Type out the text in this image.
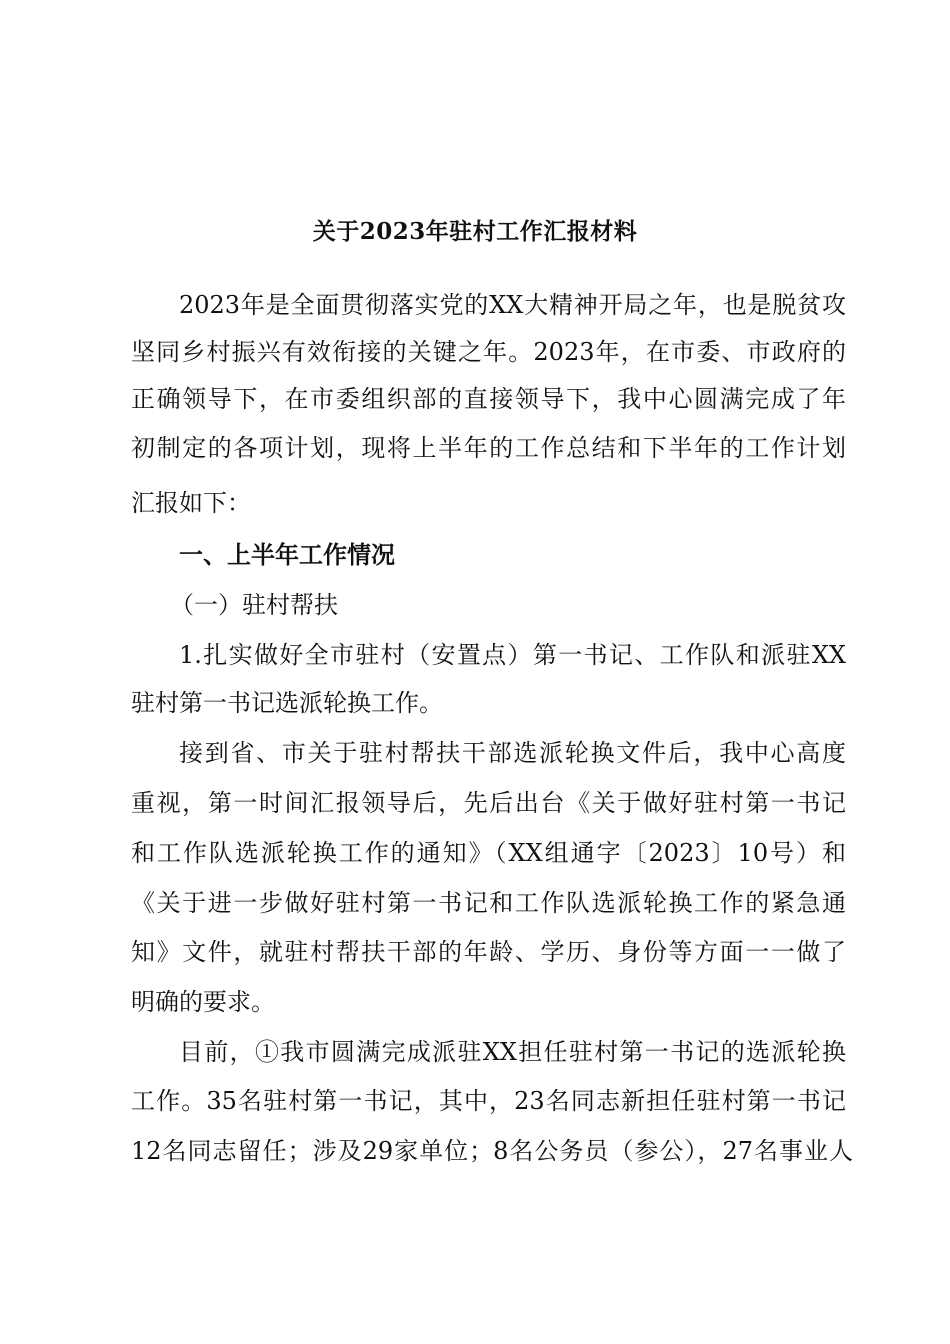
关于2023年驻村工作汇报材料
2023年是全面贯彻落实党的XX大精神开局之年，也是脱贫攻
坚同乡村振兴有效衔接的关键之年。2023年，在市委、市政府的
正确领导下，在市委组织部的直接领导下，我中心圆满完成了年
初制定的各项计划，现将上半年的工作总结和下半年的工作计划
汇报如下：
一、上半年工作情况
（一）驻村帮扶
1.扎实做好全市驻村（安置点）第一书记、工作队和派驻XX
驻村第一书记选派轮换工作。
接到省、市关于驻村帮扶干部选派轮换文件后，我中心高度
重视，第一时间汇报领导后，先后出台《关于做好驻村第一书记
和工作队选派轮换工作的通知》（XX组通字〔2023〕10号）和
《关于进一步做好驻村第一书记和工作队选派轮换工作的紧急通
知》文件，就驻村帮扶干部的年龄、学历、身份等方面一一做了
明确的要求。
目前，①我市圆满完成派驻XX担任驻村第一书记的选派轮换
工作。35名驻村第一书记，其中，23名同志新担任驻村第一书记
12名同志留任；涉及29家单位；8名公务员（参公），27名事业人
